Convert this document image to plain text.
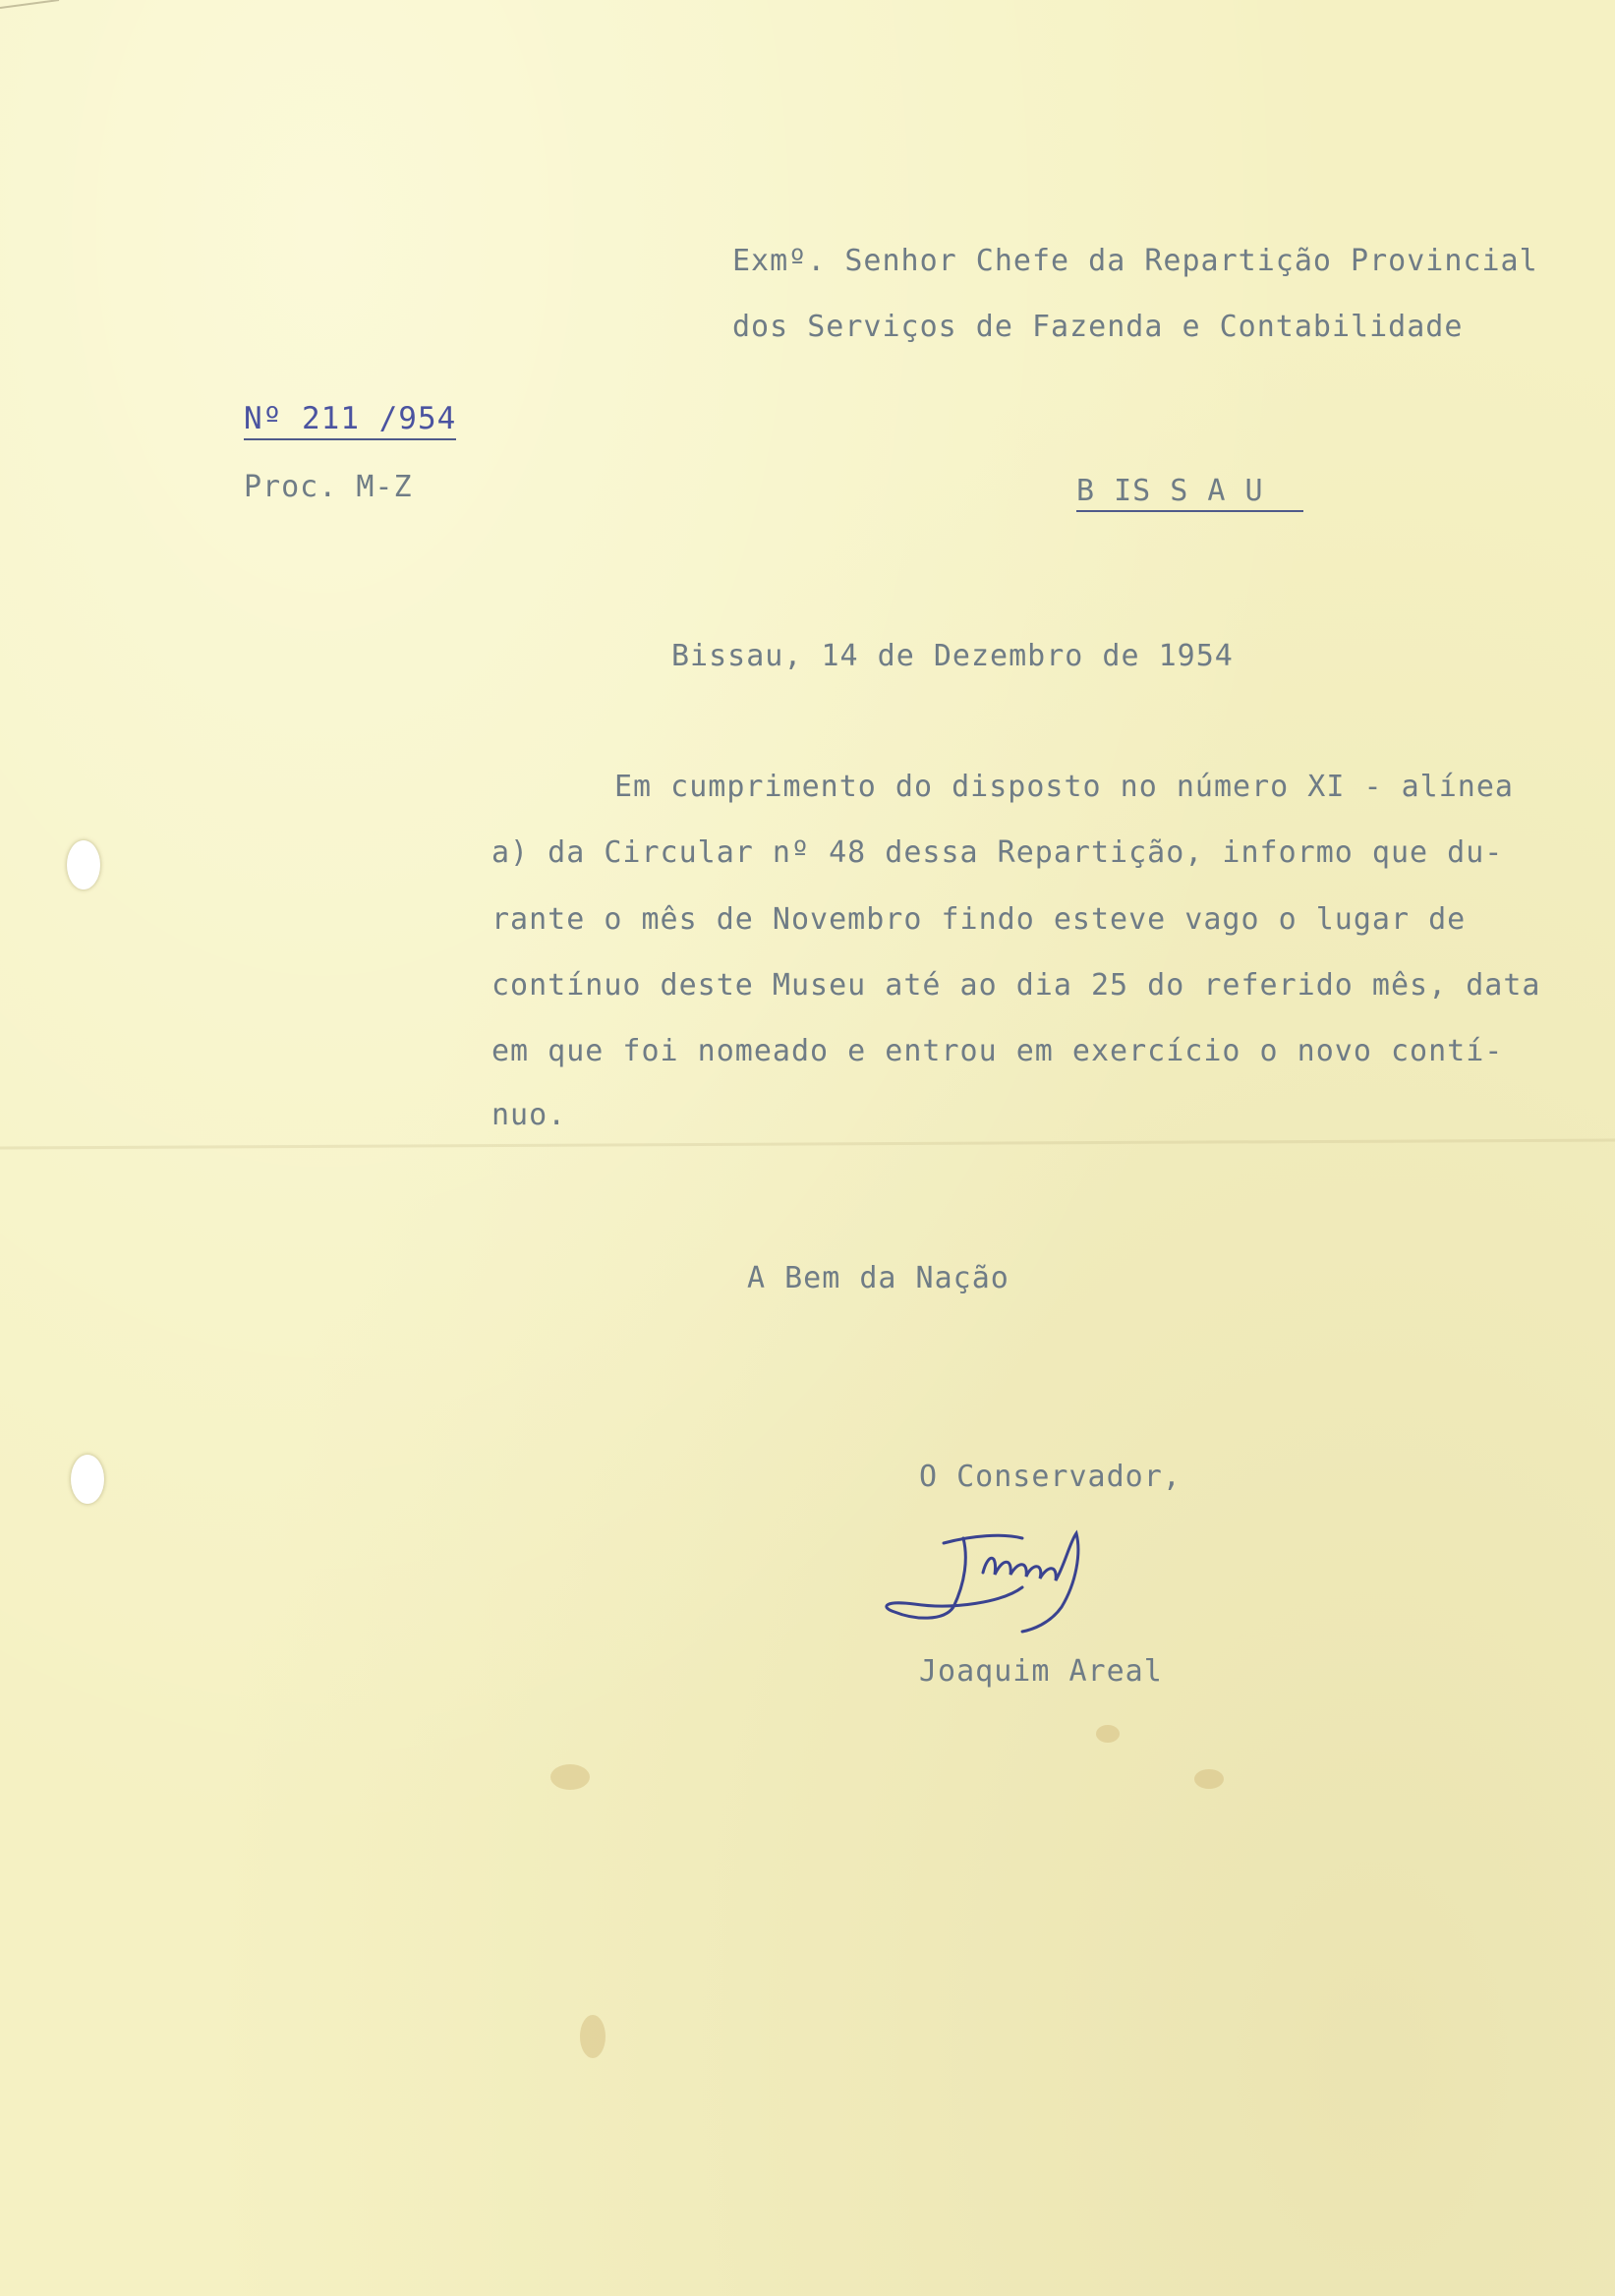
Exmº. Senhor Chefe da Repartição Provincial
dos Serviços de Fazenda e Contabilidade
Nº 211 /954
Proc. M-Z	B IS S A U
Bissau, 14 de Dezembro de 1954
Em cumprimento do disposto no número XI - alínea
a) da Circular nº 48 dessa Repartição, informo que du-
rante o mês de Novembro findo esteve vago o lugar de
contínuo deste Museu até ao dia 25 do referido mês, data
em que foi nomeado e entrou em exercício o novo contí-
nuo.
A Bem da Nação
O Conservador,
Joaquim Areal
